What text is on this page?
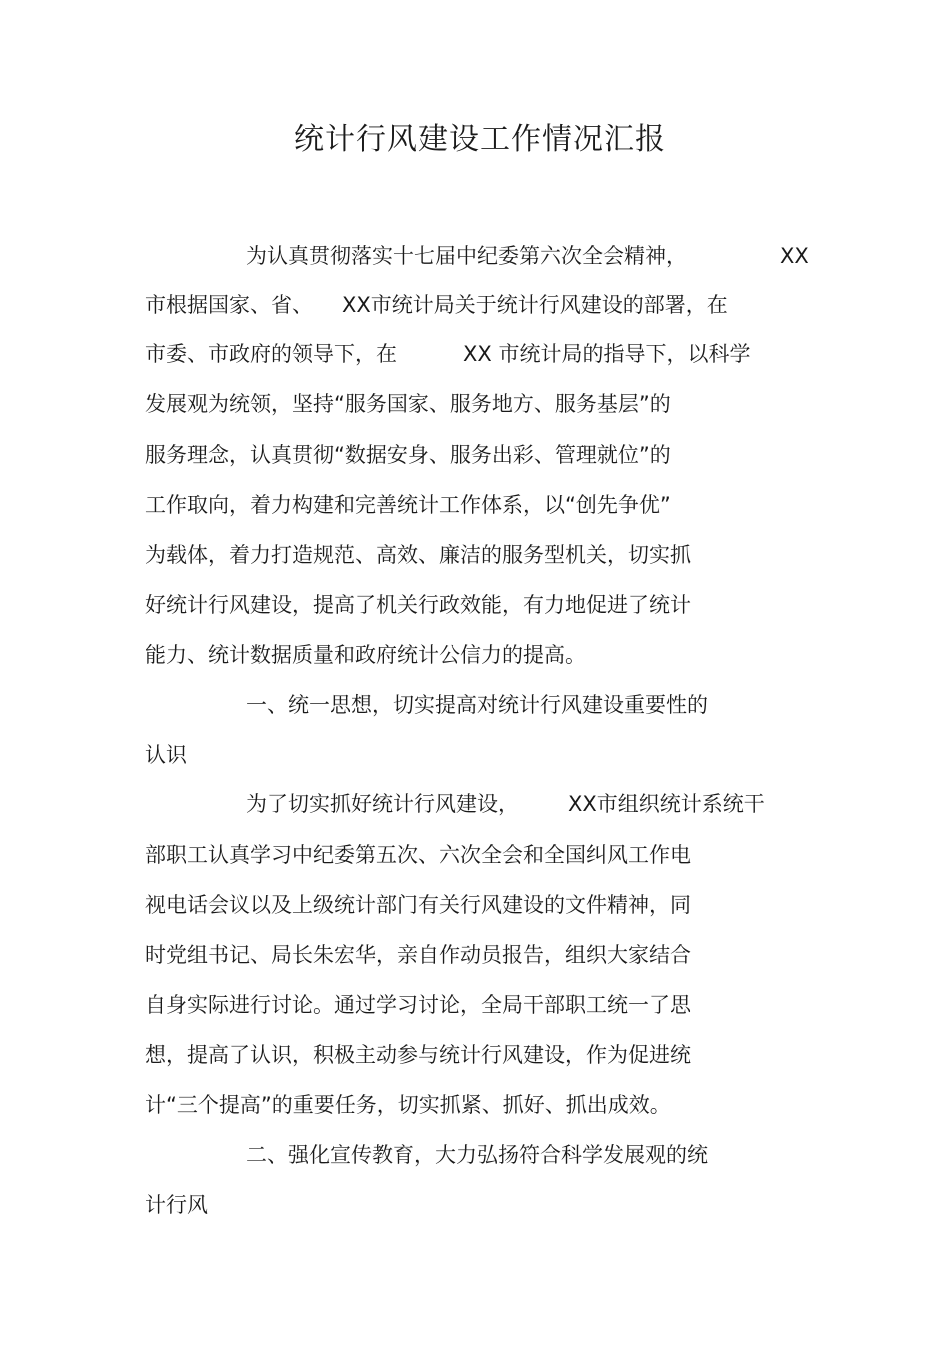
统计行风建设工作情况汇报

为认真贯彻落实十七届中纪委第六次全会精神，	XX

市根据国家、省、 XX市统计局关于统计行风建设的部署，在

市委、市政府的领导下，在	XX 市统计局的指导下，以科学

发展观为统领，坚持“服务国家、服务地方、服务基层”的

服务理念，认真贯彻“数据安身、服务出彩、管理就位”的

工作取向，着力构建和完善统计工作体系，以“创先争优”

为载体，着力打造规范、高效、廉洁的服务型机关，切实抓

好统计行风建设，提高了机关行政效能，有力地促进了统计

能力、统计数据质量和政府统计公信力的提高。

一、统一思想，切实提高对统计行风建设重要性的

认识

为了切实抓好统计行风建设， XX市组织统计系统干

部职工认真学习中纪委第五次、六次全会和全国纠风工作电

视电话会议以及上级统计部门有关行风建设的文件精神，同

时党组书记、局长朱宏华，亲自作动员报告，组织大家结合

自身实际进行讨论。通过学习讨论，全局干部职工统一了思

想，提高了认识，积极主动参与统计行风建设，作为促进统

计“三个提高”的重要任务，切实抓紧、抓好、抓出成效。

二、强化宣传教育，大力弘扬符合科学发展观的统

计行风
